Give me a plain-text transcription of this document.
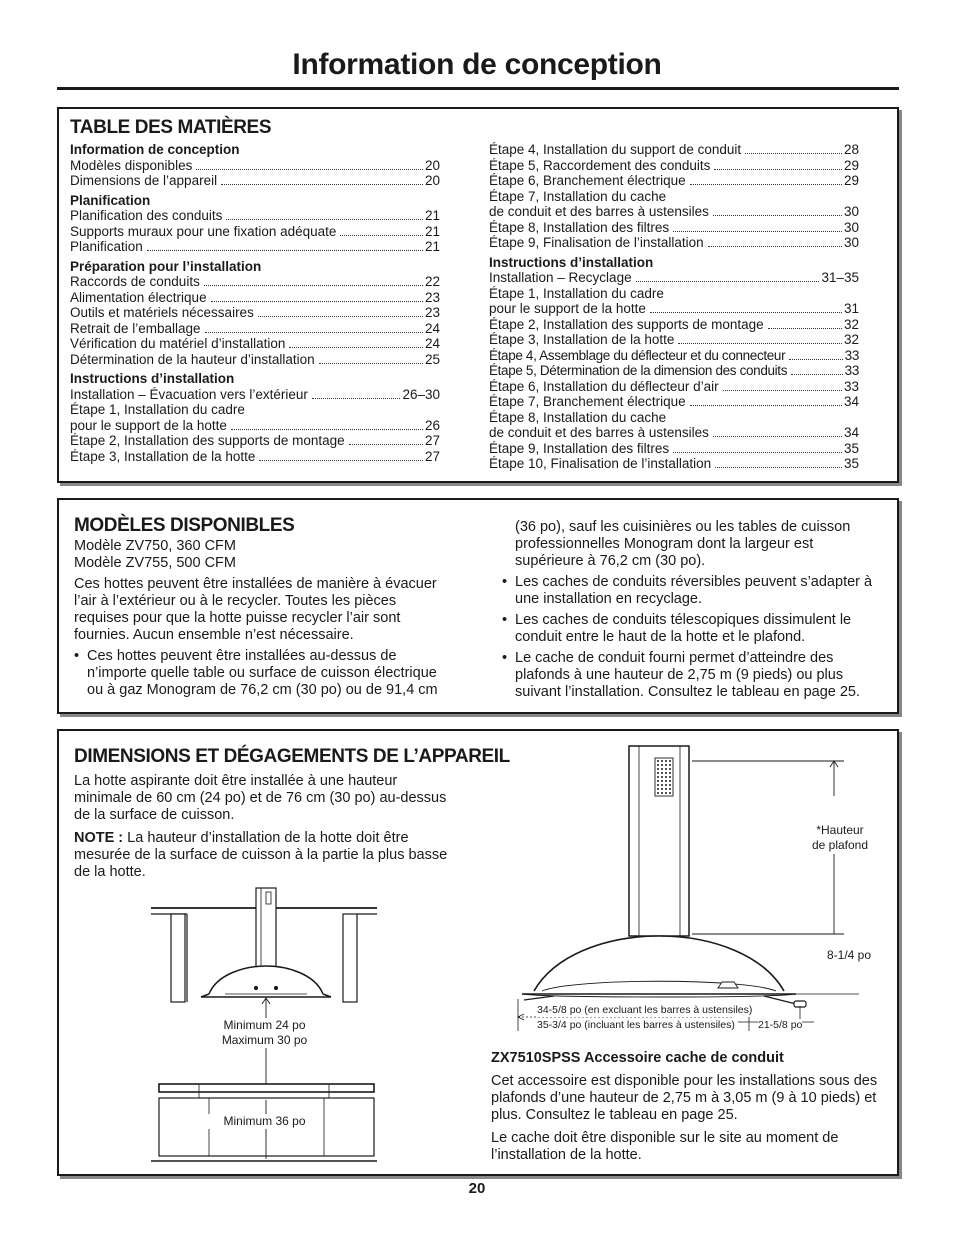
Information de conception
TABLE DES MATIÈRES
Information de conception
Modèles disponibles	20
Dimensions de l’appareil	20
Planification
Planification des conduits	21
Supports muraux pour une fixation adéquate	21
Planification	21
Préparation pour l’installation
Raccords de conduits	22
Alimentation électrique	23
Outils et matériels nécessaires	23
Retrait de l’emballage	24
Vérification du matériel d’installation	24
Détermination de la hauteur d’installation	25
Instructions d’installation
Installation – Évacuation vers l’extérieur	26–30
Étape 1, Installation du cadre
pour le support de la hotte	26
Étape 2, Installation des supports de montage	27
Étape 3, Installation de la hotte	27
Étape 4, Installation du support de conduit	28
Étape 5, Raccordement des conduits	29
Étape 6, Branchement électrique	29
Étape 7, Installation du cache
de conduit et des barres à ustensiles	30
Étape 8, Installation des filtres	30
Étape 9, Finalisation de l’installation	30
Instructions d’installation
Installation – Recyclage	31–35
Étape 1, Installation du cadre
pour le support de la hotte	31
Étape 2, Installation des supports de montage	32
Étape 3, Installation de la hotte	32
Étape 4, Assemblage du déflecteur et du connecteur	33
Étape 5, Détermination de la dimension des conduits	33
Étape 6, Installation du déflecteur d’air	33
Étape 7, Branchement électrique	34
Étape 8, Installation du cache
de conduit et des barres à ustensiles	34
Étape 9, Installation des filtres	35
Étape 10, Finalisation de l’installation	35
MODÈLES DISPONIBLES
Modèle ZV750, 360 CFM
Modèle ZV755, 500 CFM

Ces hottes peuvent être installées de manière à évacuer l’air à l’extérieur ou à le recycler. Toutes les pièces requises pour que la hotte puisse recycler l’air sont fournies. Aucun ensemble n’est nécessaire.

• Ces hottes peuvent être installées au-dessus de n’importe quelle table ou surface de cuisson électrique ou à gaz Monogram de 76,2 cm (30 po) ou de 91,4 cm
(36 po), sauf les cuisinières ou les tables de cuisson professionnelles Monogram dont la largeur est supérieure à 76,2 cm (30 po).
• Les caches de conduits réversibles peuvent s’adapter à une installation en recyclage.
• Les caches de conduits télescopiques dissimulent le conduit entre le haut de la hotte et le plafond.
• Le cache de conduit fourni permet d’atteindre des plafonds à une hauteur de 2,75 m (9 pieds) ou plus suivant l’installation. Consultez le tableau en page 25.
DIMENSIONS ET DÉGAGEMENTS DE L’APPAREIL

La hotte aspirante doit être installée à une hauteur minimale de 60 cm (24 po) et de 76 cm (30 po) au-dessus de la surface de cuisson.

NOTE : La hauteur d’installation de la hotte doit être mesurée de la surface de cuisson à la partie la plus basse de la hotte.

Minimum 24 po
Maximum 30 po
Minimum 36 po
*Hauteur
de plafond
8-1/4 po
34-5/8 po (en excluant les barres à ustensiles)
35-3/4 po (incluant les barres à ustensiles) 21-5/8 po

ZX7510SPSS Accessoire cache de conduit

Cet accessoire est disponible pour les installations sous des plafonds d’une hauteur de 2,75 m à 3,05 m (9 à 10 pieds) et plus. Consultez le tableau en page 25.

Le cache doit être disponible sur le site au moment de l’installation de la hotte.

20
